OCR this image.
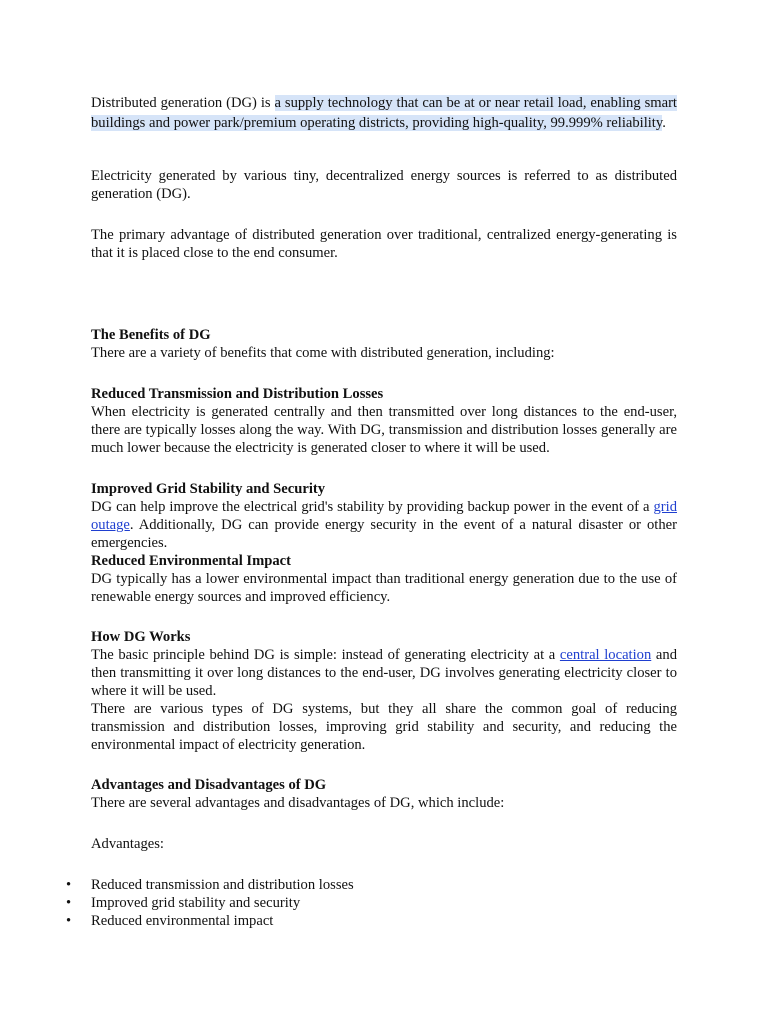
Distributed generation (DG) is a supply technology that can be at or near retail load, enabling smart buildings and power park/premium operating districts, providing high-quality, 99.999% reliability.

Electricity generated by various tiny, decentralized energy sources is referred to as distributed generation (DG).

The primary advantage of distributed generation over traditional, centralized energy-generating is that it is placed close to the end consumer.

The Benefits of DG

There are a variety of benefits that come with distributed generation, including:

Reduced Transmission and Distribution Losses

When electricity is generated centrally and then transmitted over long distances to the end-user, there are typically losses along the way. With DG, transmission and distribution losses generally are much lower because the electricity is generated closer to where it will be used.

Improved Grid Stability and Security

DG can help improve the electrical grid's stability by providing backup power in the event of a grid outage. Additionally, DG can provide energy security in the event of a natural disaster or other emergencies.

Reduced Environmental Impact

DG typically has a lower environmental impact than traditional energy generation due to the use of renewable energy sources and improved efficiency.

How DG Works

The basic principle behind DG is simple: instead of generating electricity at a central location and then transmitting it over long distances to the end-user, DG involves generating electricity closer to where it will be used.

There are various types of DG systems, but they all share the common goal of reducing transmission and distribution losses, improving grid stability and security, and reducing the environmental impact of electricity generation.

Advantages and Disadvantages of DG

There are several advantages and disadvantages of DG, which include:

Advantages:

• Reduced transmission and distribution losses
• Improved grid stability and security
• Reduced environmental impact
